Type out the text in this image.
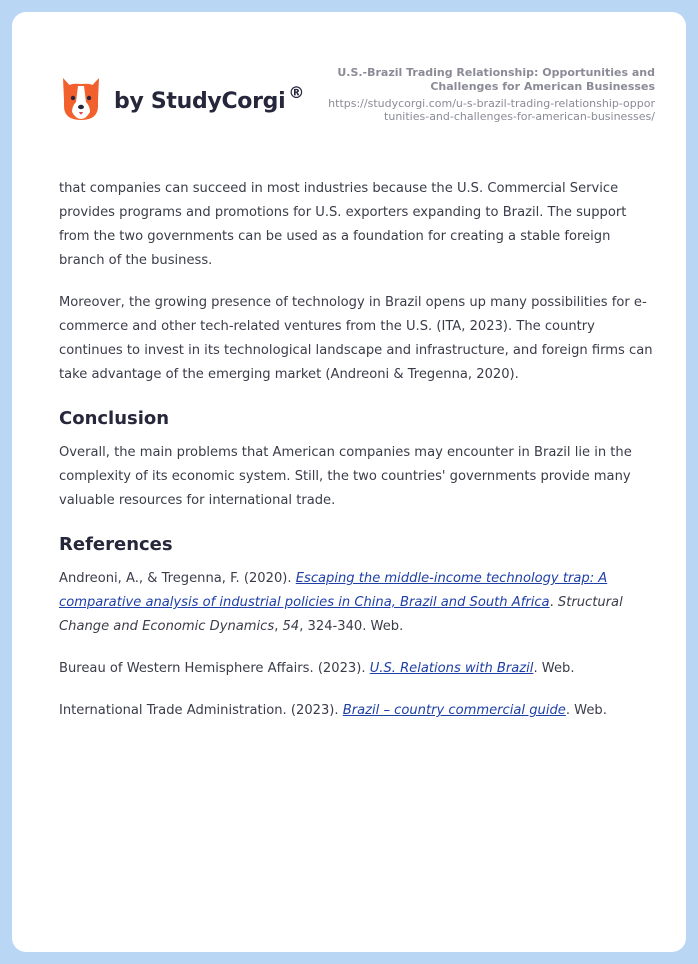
by StudyCorgi ®

U.S.-Brazil Trading Relationship: Opportunities and Challenges for American Businesses

https://studycorgi.com/u-s-brazil-trading-relationship-opportunities-and-challenges-for-american-businesses/

that companies can succeed in most industries because the U.S. Commercial Service provides programs and promotions for U.S. exporters expanding to Brazil. The support from the two governments can be used as a foundation for creating a stable foreign branch of the business.

Moreover, the growing presence of technology in Brazil opens up many possibilities for e-commerce and other tech-related ventures from the U.S. (ITA, 2023). The country continues to invest in its technological landscape and infrastructure, and foreign firms can take advantage of the emerging market (Andreoni & Tregenna, 2020).

Conclusion

Overall, the main problems that American companies may encounter in Brazil lie in the complexity of its economic system. Still, the two countries' governments provide many valuable resources for international trade.

References

Andreoni, A., & Tregenna, F. (2020). Escaping the middle-income technology trap: A comparative analysis of industrial policies in China, Brazil and South Africa. Structural Change and Economic Dynamics, 54, 324-340. Web.

Bureau of Western Hemisphere Affairs. (2023). U.S. Relations with Brazil. Web.

International Trade Administration. (2023). Brazil – country commercial guide. Web.
